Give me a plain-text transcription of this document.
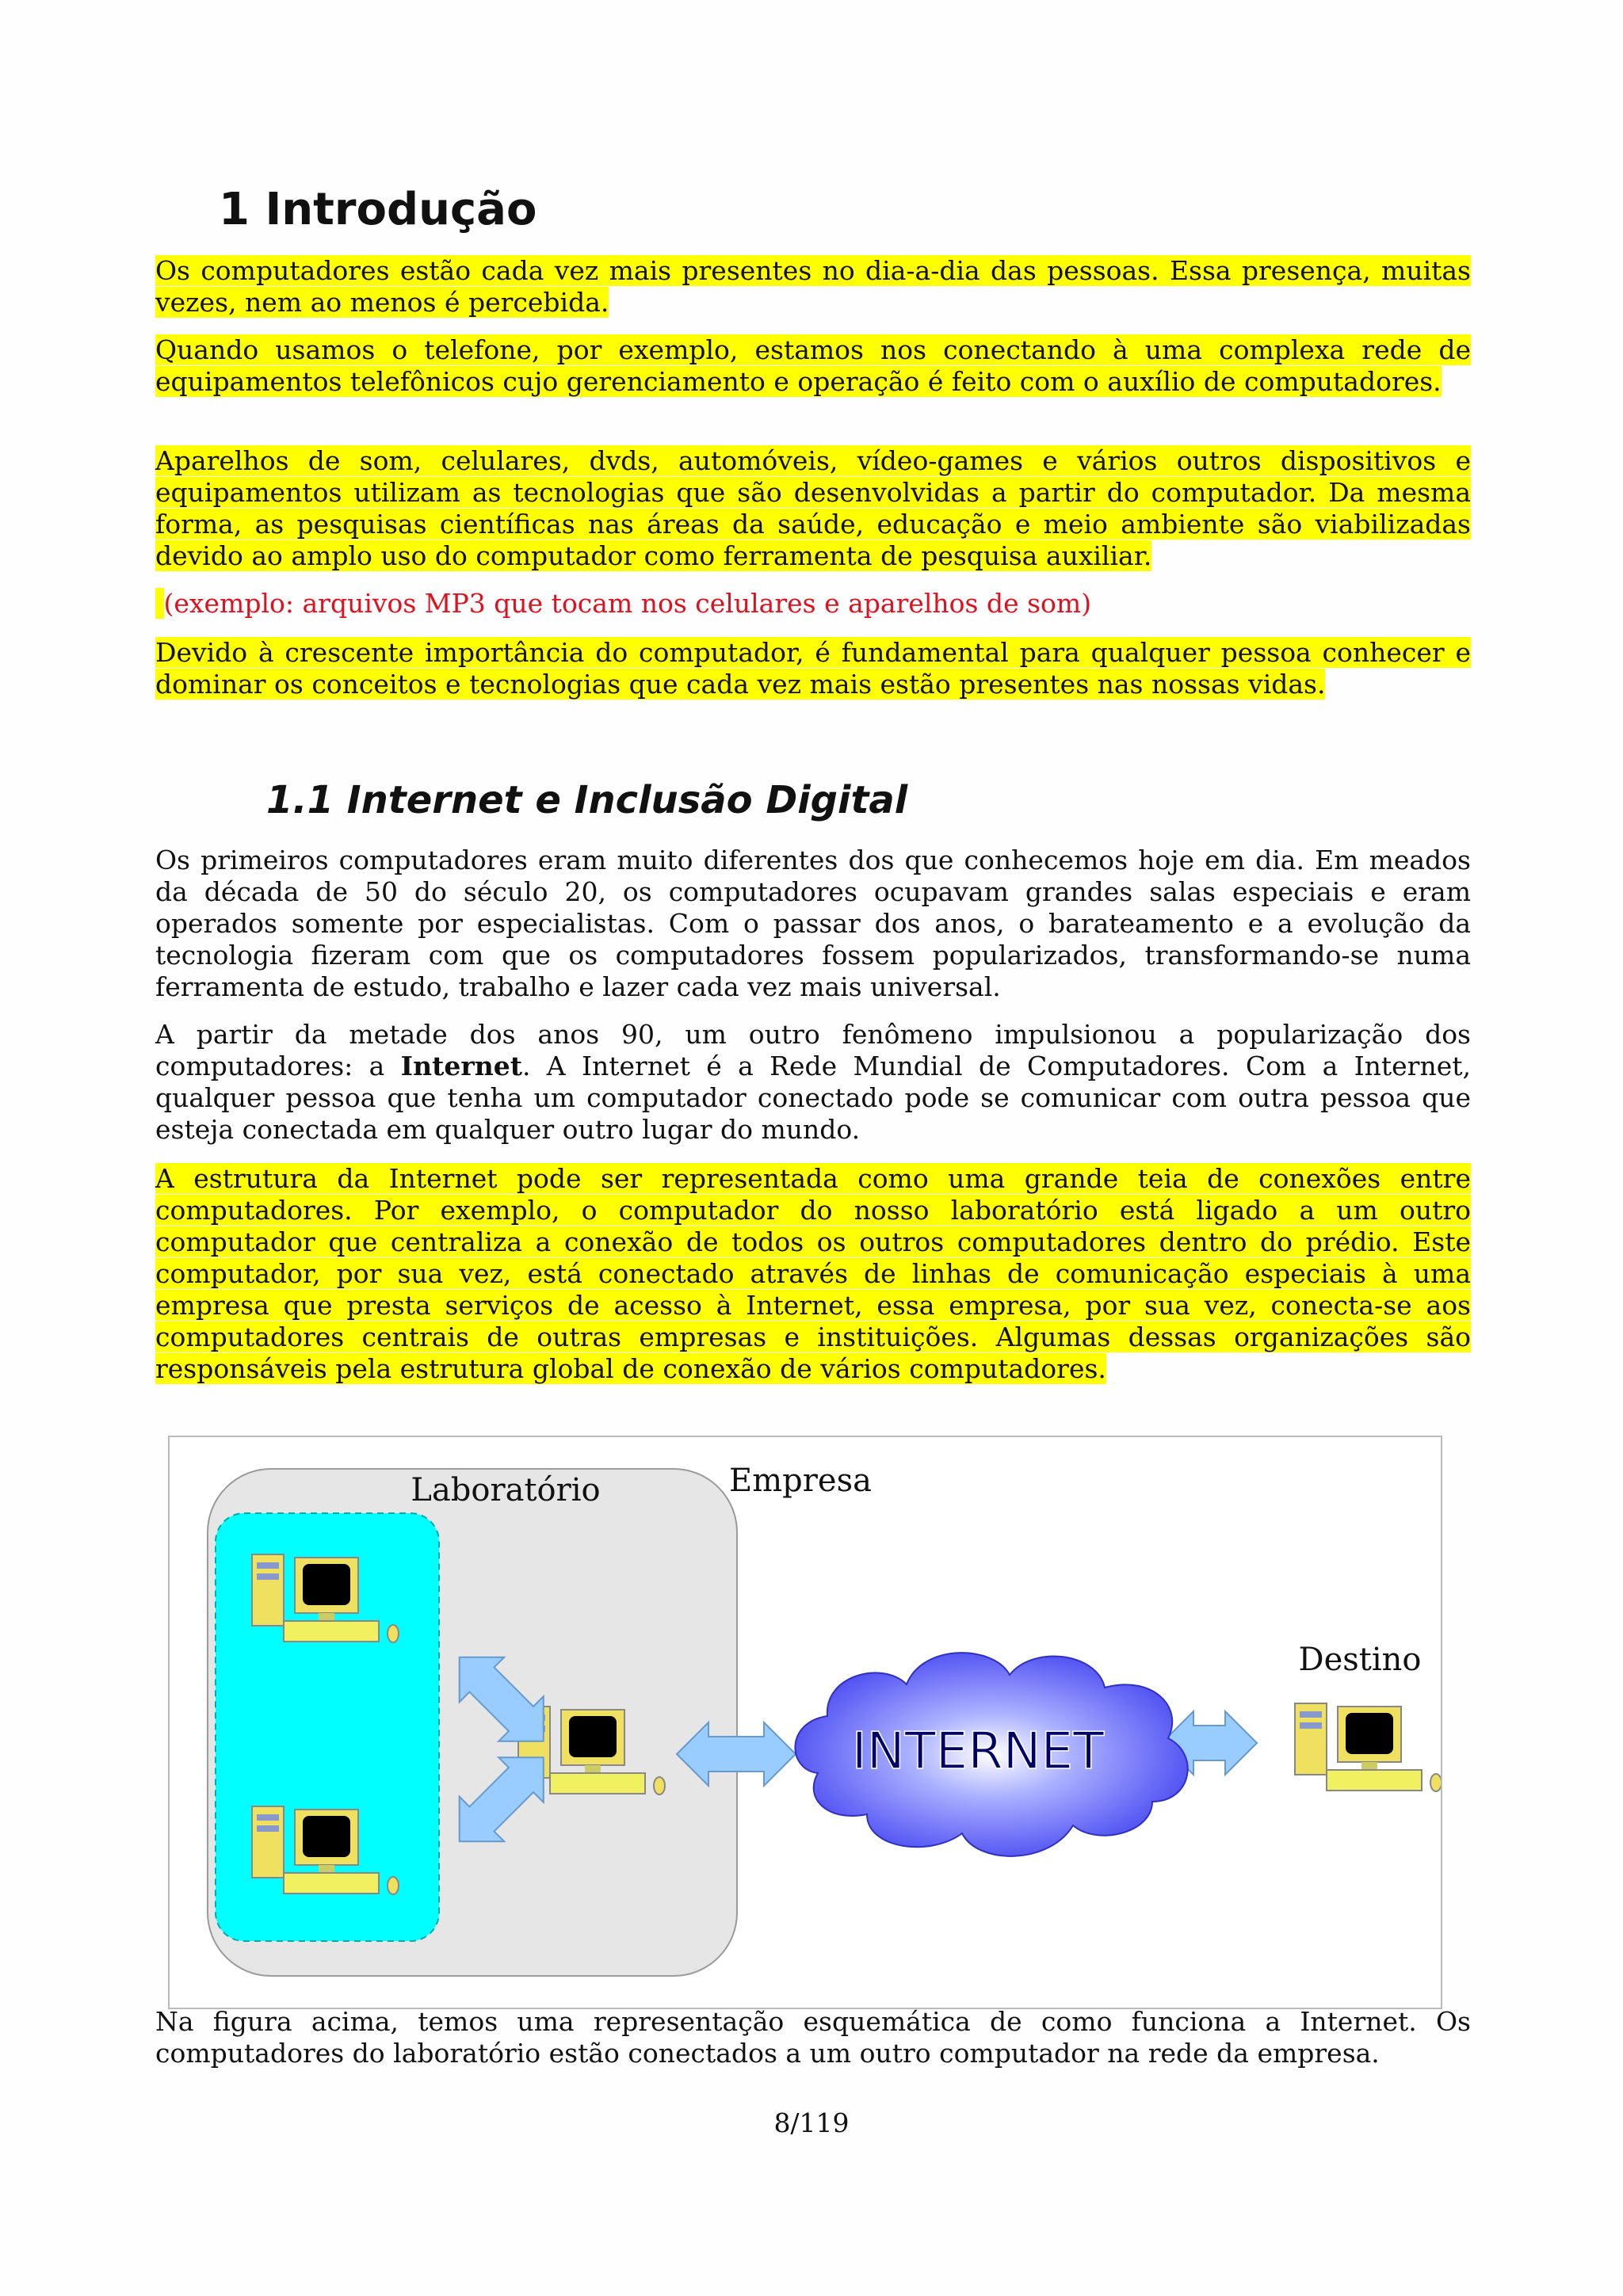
1 Introdução

Os computadores estão cada vez mais presentes no dia-a-dia das pessoas. Essa presença, muitas vezes, nem ao menos é percebida.

Quando usamos o telefone, por exemplo, estamos nos conectando à uma complexa rede de equipamentos telefônicos cujo gerenciamento e operação é feito com o auxílio de computadores.

Aparelhos de som, celulares, dvds, automóveis, vídeo-games e vários outros dispositivos e equipamentos utilizam as tecnologias que são desenvolvidas a partir do computador. Da mesma forma, as pesquisas científicas nas áreas da saúde, educação e meio ambiente são viabilizadas devido ao amplo uso do computador como ferramenta de pesquisa auxiliar.

(exemplo: arquivos MP3 que tocam nos celulares e aparelhos de som)

Devido à crescente importância do computador, é fundamental para qualquer pessoa conhecer e dominar os conceitos e tecnologias que cada vez mais estão presentes nas nossas vidas.

1.1 Internet e Inclusão Digital

Os primeiros computadores eram muito diferentes dos que conhecemos hoje em dia. Em meados da década de 50 do século 20, os computadores ocupavam grandes salas especiais e eram operados somente por especialistas. Com o passar dos anos, o barateamento e a evolução da tecnologia fizeram com que os computadores fossem popularizados, transformando-se numa ferramenta de estudo, trabalho e lazer cada vez mais universal.

A partir da metade dos anos 90, um outro fenômeno impulsionou a popularização dos computadores: a Internet. A Internet é a Rede Mundial de Computadores. Com a Internet, qualquer pessoa que tenha um computador conectado pode se comunicar com outra pessoa que esteja conectada em qualquer outro lugar do mundo.

A estrutura da Internet pode ser representada como uma grande teia de conexões entre computadores. Por exemplo, o computador do nosso laboratório está ligado a um outro computador que centraliza a conexão de todos os outros computadores dentro do prédio. Este computador, por sua vez, está conectado através de linhas de comunicação especiais à uma empresa que presta serviços de acesso à Internet, essa empresa, por sua vez, conecta-se aos computadores centrais de outras empresas e instituições. Algumas dessas organizações são responsáveis pela estrutura global de conexão de vários computadores.

Laboratório	Empresa
Destino
INTERNET

Na figura acima, temos uma representação esquemática de como funciona a Internet. Os computadores do laboratório estão conectados a um outro computador na rede da empresa.

8/119
